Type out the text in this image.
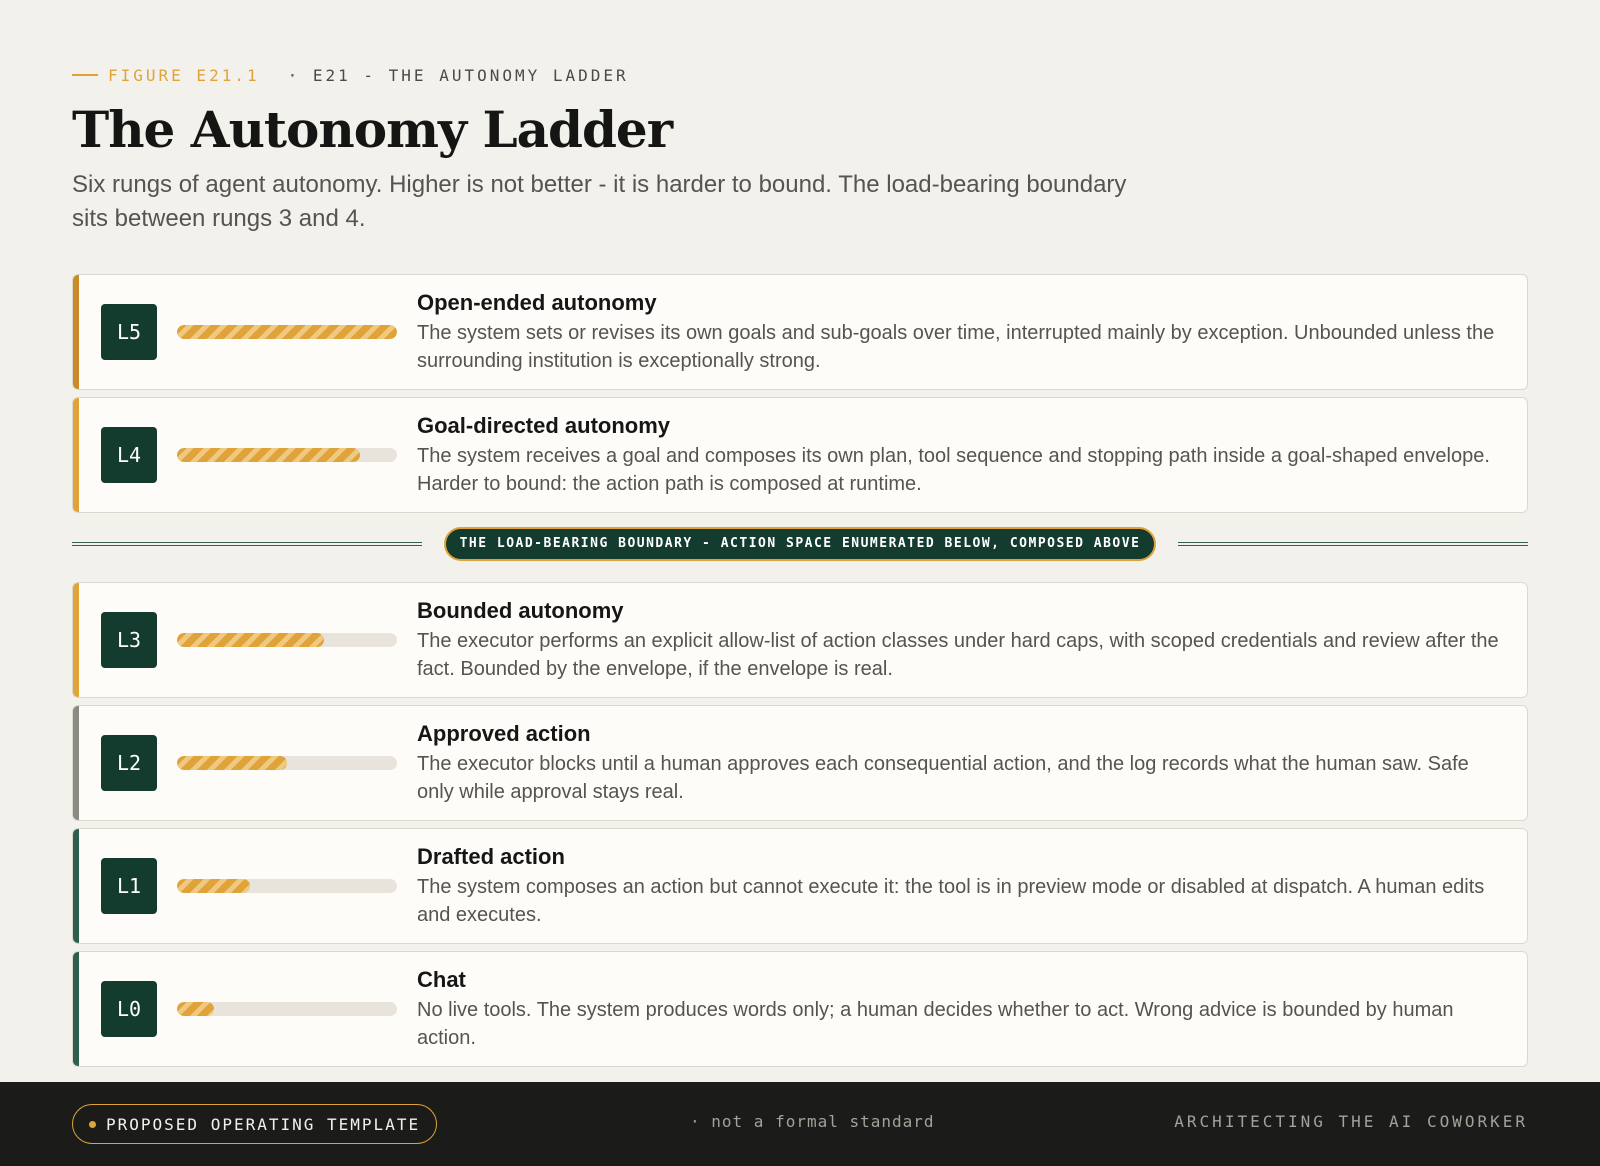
FIGURE E21.1 · E21 - THE AUTONOMY LADDER
The Autonomy Ladder

Six rungs of agent autonomy. Higher is not better - it is harder to bound. The load-bearing boundary sits between rungs 3 and 4.

L5
Open-ended autonomy
The system sets or revises its own goals and sub-goals over time, interrupted mainly by exception. Unbounded unless the surrounding institution is exceptionally strong.
L4
Goal-directed autonomy
The system receives a goal and composes its own plan, tool sequence and stopping path inside a goal-shaped envelope. Harder to bound: the action path is composed at runtime.
THE LOAD-BEARING BOUNDARY - ACTION SPACE ENUMERATED BELOW, COMPOSED ABOVE
L3
Bounded autonomy
The executor performs an explicit allow-list of action classes under hard caps, with scoped credentials and review after the fact. Bounded by the envelope, if the envelope is real.
L2
Approved action
The executor blocks until a human approves each consequential action, and the log records what the human saw. Safe only while approval stays real.
L1
Drafted action
The system composes an action but cannot execute it: the tool is in preview mode or disabled at dispatch. A human edits and executes.
L0
Chat
No live tools. The system produces words only; a human decides whether to act. Wrong advice is bounded by human action.
PROPOSED OPERATING TEMPLATE	· not a formal standard	ARCHITECTING THE AI COWORKER
